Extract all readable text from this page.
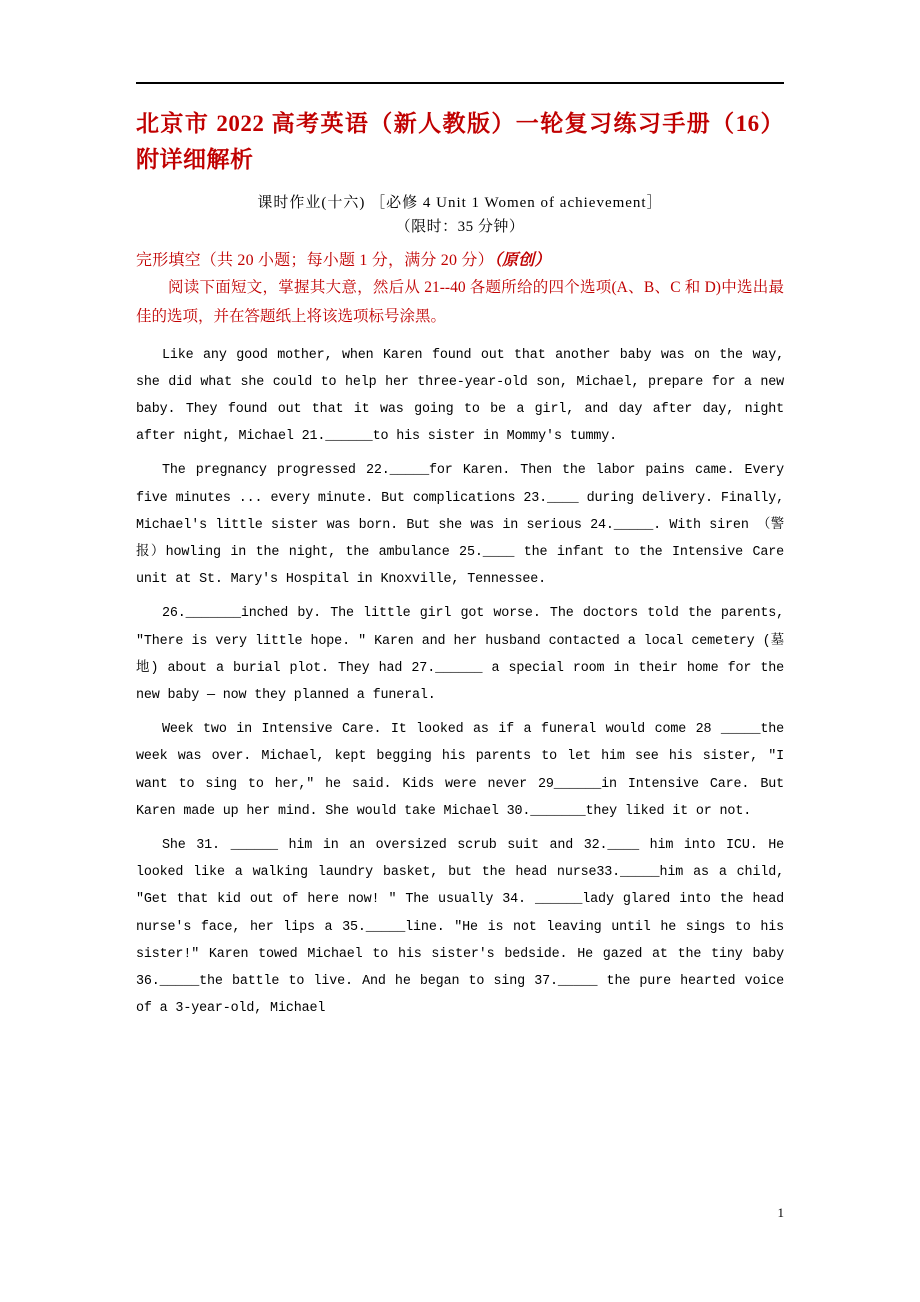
北京市 2022 高考英语（新人教版）一轮复习练习手册（16）附详细解析
课时作业(十六) ［必修 4 Unit 1 Women of achievement］
（限时：35 分钟）
完形填空（共 20 小题；每小题 1 分，满分 20 分）（原创）
阅读下面短文，掌握其大意，然后从 21--40 各题所给的四个选项(A、B、C 和 D)中选出最佳的选项，并在答题纸上将该选项标号涂黑。
Like any good mother, when Karen found out that another baby was on the way, she did what she could to help her three-year-old son, Michael, prepare for a new baby. They found out that it was going to be a girl, and day after day, night after night, Michael 21.______to his sister in Mommy's tummy.
The pregnancy progressed 22._____for Karen. Then the labor pains came. Every five minutes ... every minute. But complications 23.____ during delivery. Finally, Michael's little sister was born. But she was in serious 24._____. With siren （警报）howling in the night, the ambulance 25.____ the infant to the Intensive Care unit at St. Mary's Hospital in Knoxville, Tennessee.
26._______inched by. The little girl got worse. The doctors told the parents, "There is very little hope. " Karen and her husband contacted a local cemetery (墓地) about a burial plot. They had 27.______ a special room in their home for the new baby — now they planned a funeral.
Week two in Intensive Care. It looked as if a funeral would come 28 _____the week was over. Michael, kept begging his parents to let him see his sister, "I want to sing to her," he said. Kids were never 29______in Intensive Care. But Karen made up her mind. She would take Michael 30._______they liked it or not.
She 31. ______ him in an oversized scrub suit and 32.____ him into ICU. He looked like a walking laundry basket, but the head nurse33._____him as a child, "Get that kid out of here now! " The usually 34. ______lady glared into the head nurse's face, her lips a 35._____line. "He is not leaving until he sings to his sister!" Karen towed Michael to his sister's bedside. He gazed at the tiny baby 36._____the battle to live. And he began to sing 37._____ the pure hearted voice of a 3-year-old, Michael
1
